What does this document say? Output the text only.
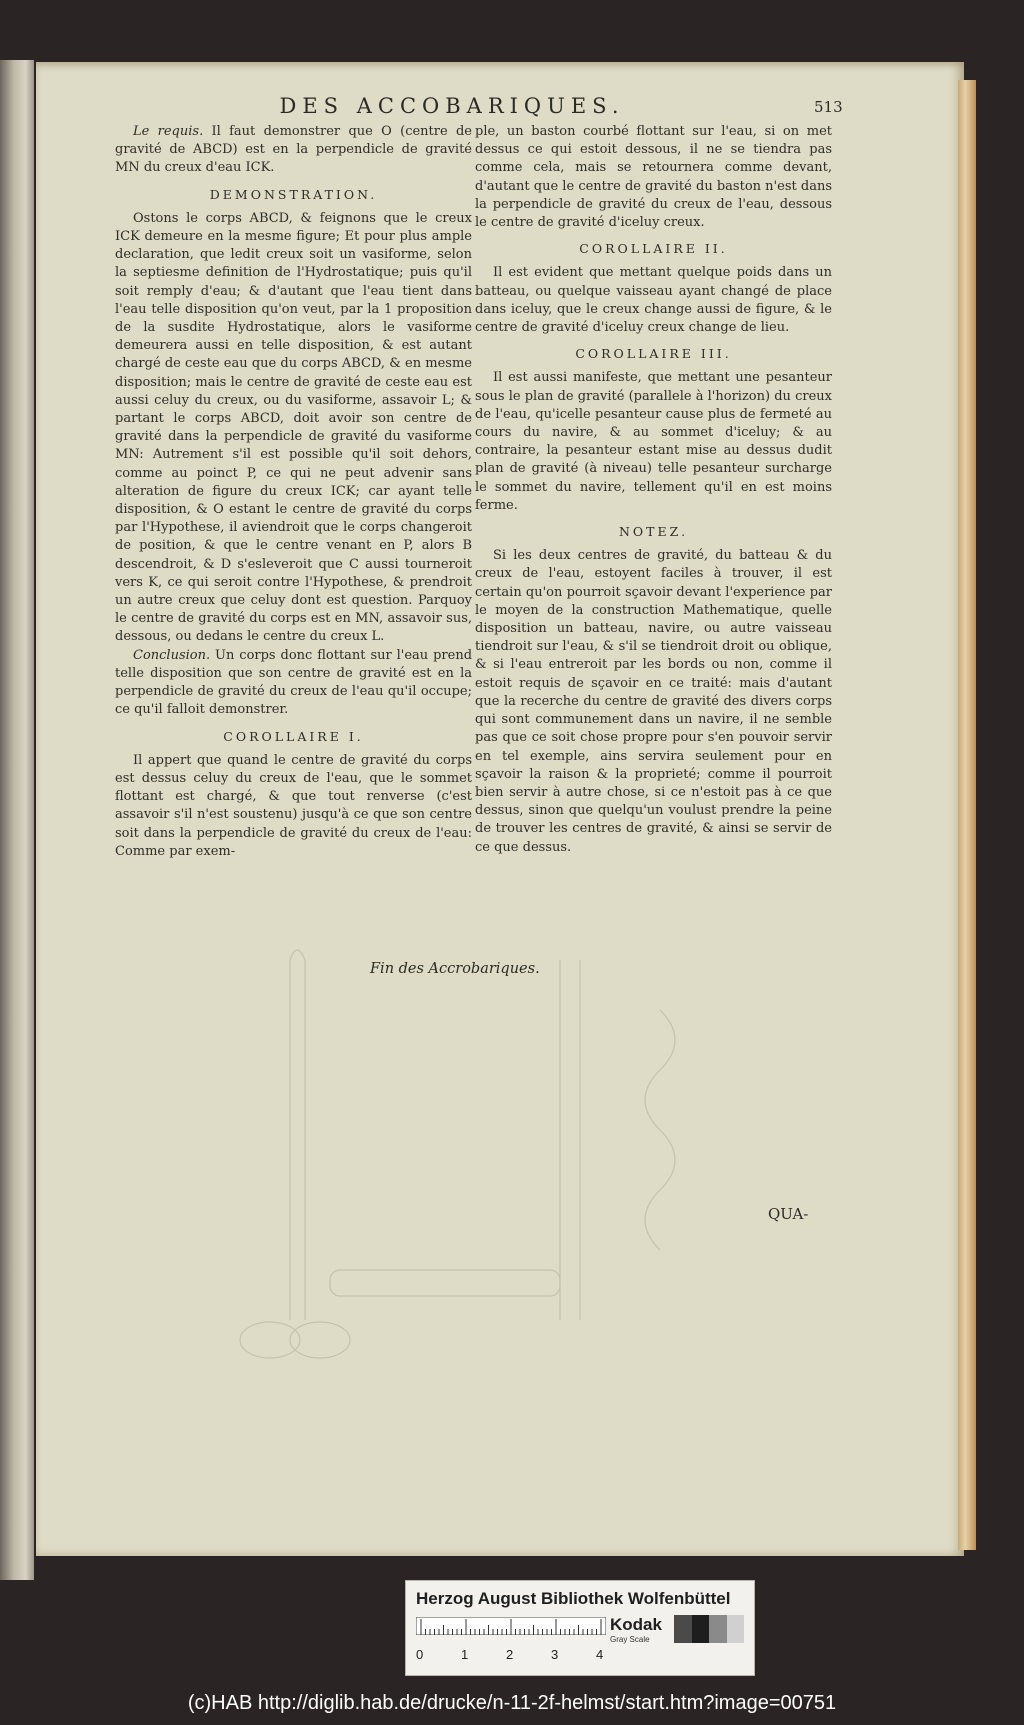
DES ACCOBARIQUES.	513

Le requis. Il faut demonstrer que O (centre de gravité de ABCD) est en la perpendicle de gravité MN du creux d'eau ICK.

DEMONSTRATION.

Ostons le corps ABCD, & feignons que le creux ICK demeure en la mesme figure; Et pour plus ample declaration, que ledit creux soit un vasiforme, selon la septiesme definition de l'Hydrostatique; puis qu'il soit remply d'eau; & d'autant que l'eau tient dans l'eau telle disposition qu'on veut, par la 1 proposition de la susdite Hydrostatique, alors le vasiforme demeurera aussi en telle disposition, & est autant chargé de ceste eau que du corps ABCD, & en mesme disposition; mais le centre de gravité de ceste eau est aussi celuy du creux, ou du vasiforme, assavoir L; & partant le corps ABCD, doit avoir son centre de gravité dans la perpendicle de gravité du vasiforme MN: Autrement s'il est possible qu'il soit dehors, comme au poinct P, ce qui ne peut advenir sans alteration de figure du creux ICK; car ayant telle disposition, & O estant le centre de gravité du corps par l'Hypothese, il aviendroit que le corps changeroit de position, & que le centre venant en P, alors B descendroit, & D s'esleveroit que C aussi tourneroit vers K, ce qui seroit contre l'Hypothese, & prendroit un autre creux que celuy dont est question. Parquoy le centre de gravité du corps est en MN, assavoir sus, dessous, ou dedans le centre du creux L.

Conclusion. Un corps donc flottant sur l'eau prend telle disposition que son centre de gravité est en la perpendicle de gravité du creux de l'eau qu'il occupe; ce qu'il falloit demonstrer.

COROLLAIRE I.

Il appert que quand le centre de gravité du corps est dessus celuy du creux de l'eau, que le sommet flottant est chargé, & que tout renverse (c'est assavoir s'il n'est soustenu) jusqu'à ce que son centre soit dans la perpendicle de gravité du creux de l'eau: Comme par exem-

ple, un baston courbé flottant sur l'eau, si on met dessus ce qui estoit dessous, il ne se tiendra pas comme cela, mais se retournera comme devant, d'autant que le centre de gravité du baston n'est dans la perpendicle de gravité du creux de l'eau, dessous le centre de gravité d'iceluy creux.

COROLLAIRE II.

Il est evident que mettant quelque poids dans un batteau, ou quelque vaisseau ayant changé de place dans iceluy, que le creux change aussi de figure, & le centre de gravité d'iceluy creux change de lieu.

COROLLAIRE III.

Il est aussi manifeste, que mettant une pesanteur sous le plan de gravité (parallele à l'horizon) du creux de l'eau, qu'icelle pesanteur cause plus de fermeté au cours du navire, & au sommet d'iceluy; & au contraire, la pesanteur estant mise au dessus dudit plan de gravité (à niveau) telle pesanteur surcharge le sommet du navire, tellement qu'il en est moins ferme.

NOTEZ.

Si les deux centres de gravité, du batteau & du creux de l'eau, estoyent faciles à trouver, il est certain qu'on pourroit sçavoir devant l'experience par le moyen de la construction Mathematique, quelle disposition un batteau, navire, ou autre vaisseau tiendroit sur l'eau, & s'il se tiendroit droit ou oblique, & si l'eau entreroit par les bords ou non, comme il estoit requis de sçavoir en ce traité: mais d'autant que la recerche du centre de gravité des divers corps qui sont communement dans un navire, il ne semble pas que ce soit chose propre pour s'en pouvoir servir en tel exemple, ains servira seulement pour en sçavoir la raison & la proprieté; comme il pourroit bien servir à autre chose, si ce n'estoit pas à ce que dessus, sinon que quelqu'un voulust prendre la peine de trouver les centres de gravité, & ainsi se servir de ce que dessus.

Fin des Accrobariques.
QUA-
Herzog August Bibliothek Wolfenbüttel
0	1	2	3	4
Kodak
Gray Scale
(c)HAB http://diglib.hab.de/drucke/n-11-2f-helmst/start.htm?image=00751
